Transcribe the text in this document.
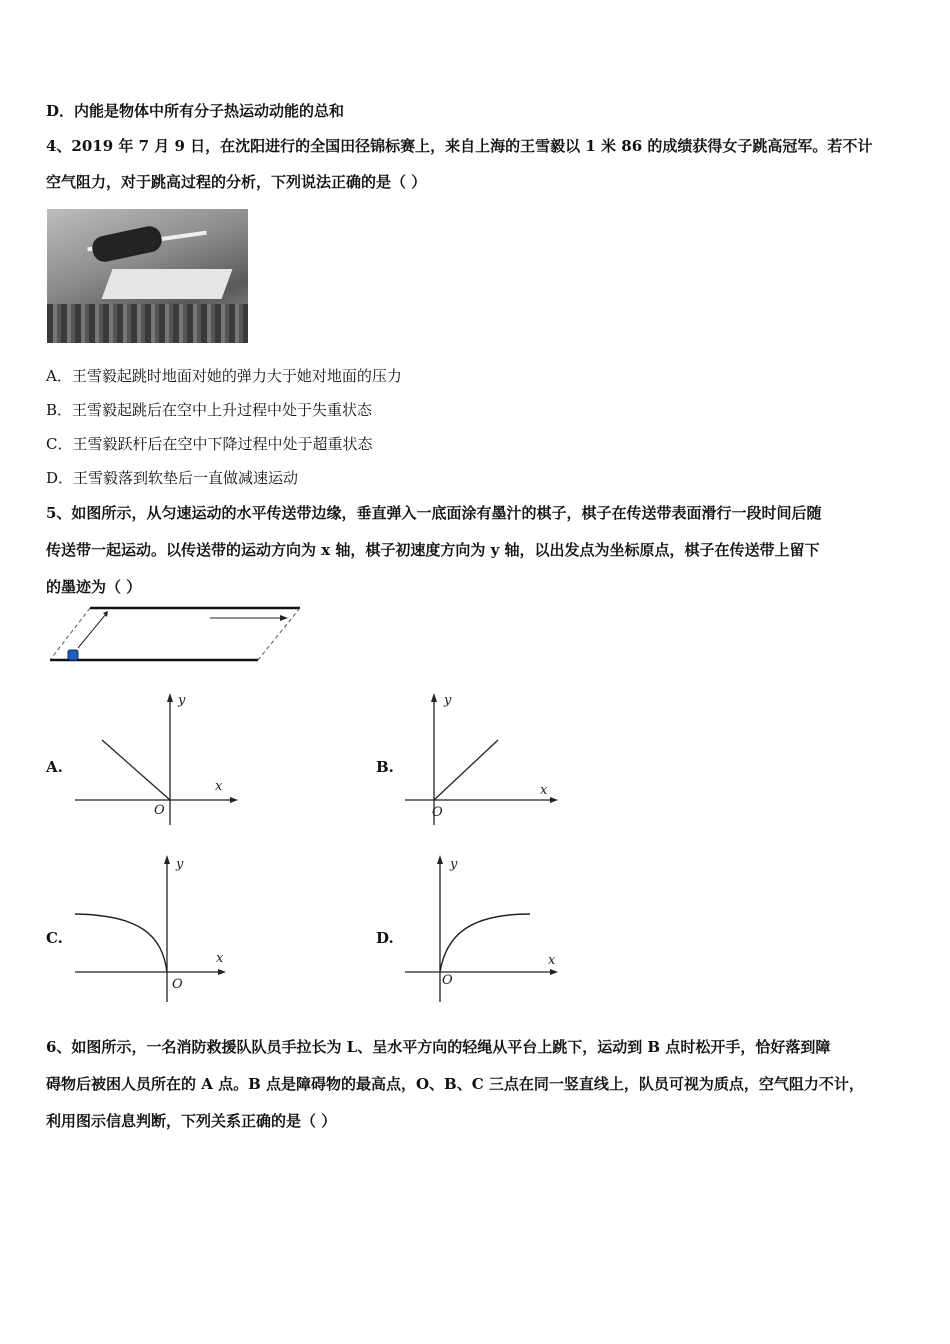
D．内能是物体中所有分子热运动动能的总和
4、2019 年 7 月 9 日，在沈阳进行的全国田径锦标赛上，来自上海的王雪毅以 1 米 86 的成绩获得女子跳高冠军。若不计
空气阻力，对于跳高过程的分析，下列说法正确的是（ ）
A．王雪毅起跳时地面对她的弹力大于她对地面的压力
B．王雪毅起跳后在空中上升过程中处于失重状态
C．王雪毅跃杆后在空中下降过程中处于超重状态
D．王雪毅落到软垫后一直做减速运动
5、如图所示，从匀速运动的水平传送带边缘，垂直弹入一底面涂有墨汁的棋子，棋子在传送带表面滑行一段时间后随
传送带一起运动。以传送带的运动方向为 x 轴，棋子初速度方向为 y 轴，以出发点为坐标原点，棋子在传送带上留下
的墨迹为（ ）
A.
y
x
O
B.
y
x
O
C.
y
x
O
D.
y
x
O
6、如图所示，一名消防救援队队员手拉长为 L、呈水平方向的轻绳从平台上跳下，运动到 B 点时松开手，恰好落到障
碍物后被困人员所在的 A 点。B 点是障碍物的最高点，O、B、C 三点在同一竖直线上，队员可视为质点，空气阻力不计，
利用图示信息判断，下列关系正确的是（ ）
